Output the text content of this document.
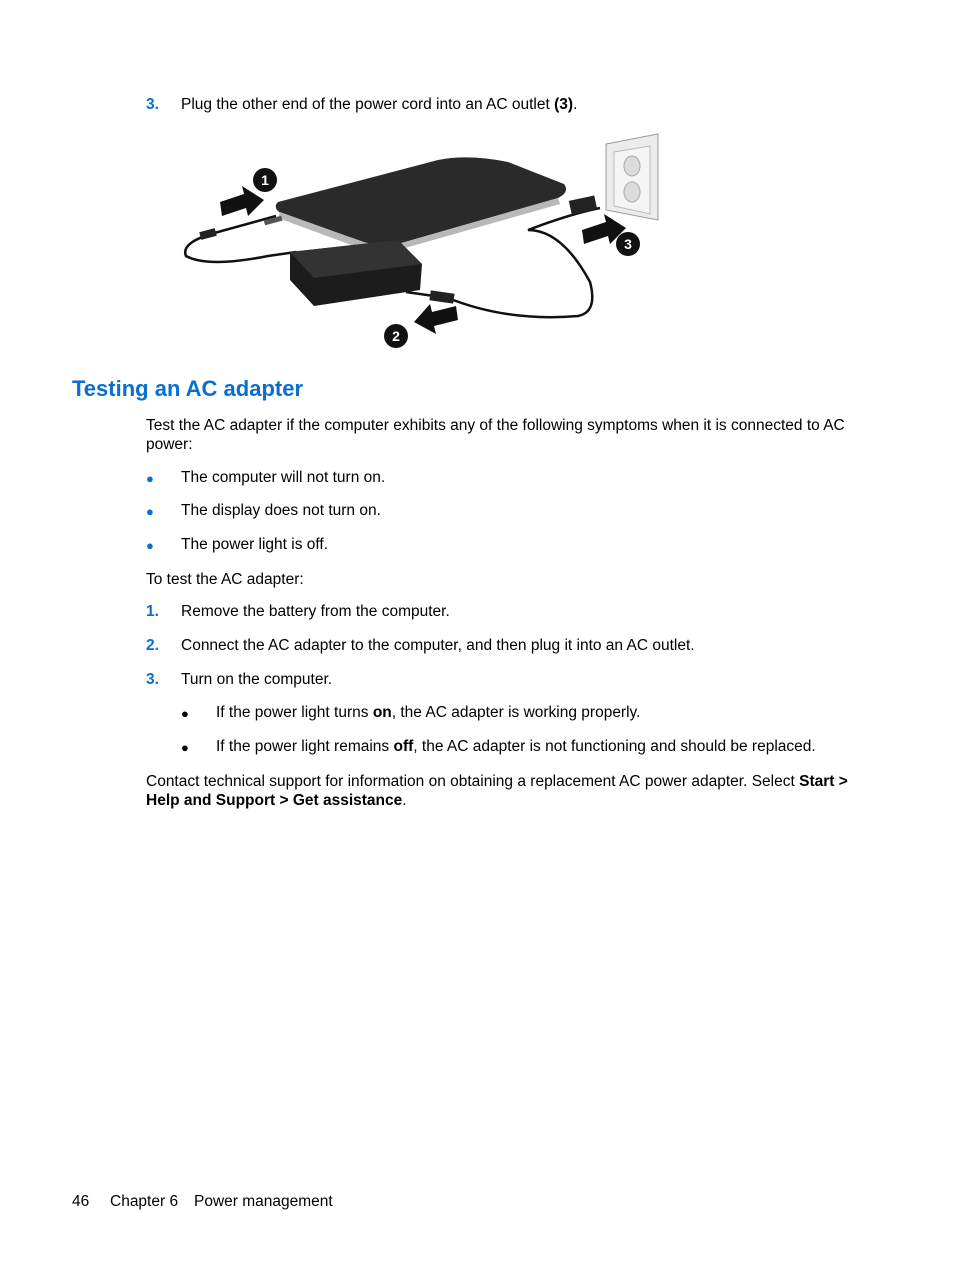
3. Plug the other end of the power cord into an AC outlet (3).
1
2
3
Testing an AC adapter
Test the AC adapter if the computer exhibits any of the following symptoms when it is connected to AC power:
● The computer will not turn on.
● The display does not turn on.
● The power light is off.
To test the AC adapter:
1. Remove the battery from the computer.
2. Connect the AC adapter to the computer, and then plug it into an AC outlet.
3. Turn on the computer.
● If the power light turns on, the AC adapter is working properly.
● If the power light remains off, the AC adapter is not functioning and should be replaced.
Contact technical support for information on obtaining a replacement AC power adapter. Select Start > Help and Support > Get assistance.
46 Chapter 6 Power management
